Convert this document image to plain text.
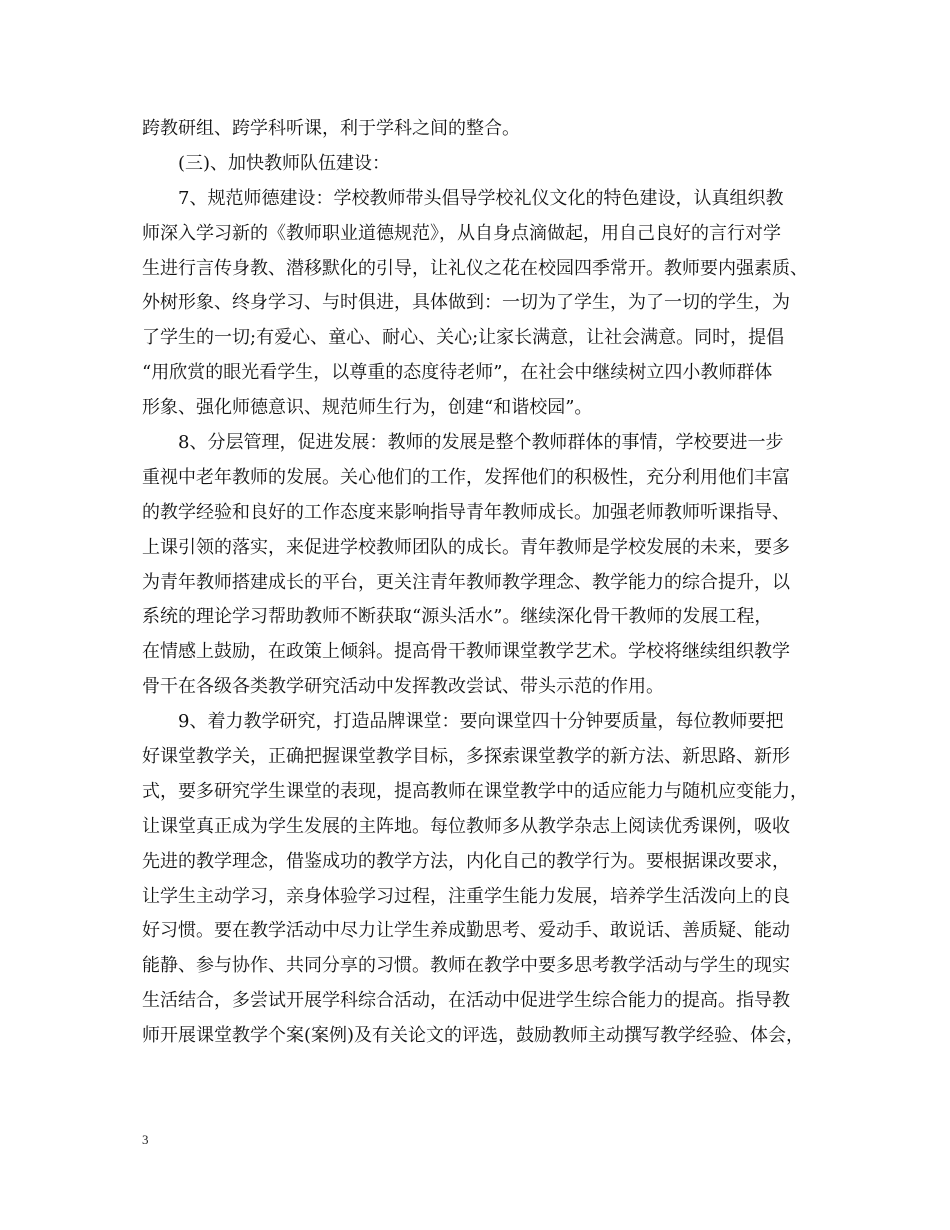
跨教研组、跨学科听课，利于学科之间的整合。
(三)、加快教师队伍建设：
7、规范师德建设：学校教师带头倡导学校礼仪文化的特色建设，认真组织教
师深入学习新的《教师职业道德规范》，从自身点滴做起，用自己良好的言行对学
生进行言传身教、潜移默化的引导，让礼仪之花在校园四季常开。教师要内强素质、
外树形象、终身学习、与时俱进，具体做到：一切为了学生，为了一切的学生，为
了学生的一切;有爱心、童心、耐心、关心;让家长满意，让社会满意。同时，提倡
“用欣赏的眼光看学生，以尊重的态度待老师”，在社会中继续树立四小教师群体
形象、强化师德意识、规范师生行为，创建“和谐校园”。
8、分层管理，促进发展：教师的发展是整个教师群体的事情，学校要进一步
重视中老年教师的发展。关心他们的工作，发挥他们的积极性，充分利用他们丰富
的教学经验和良好的工作态度来影响指导青年教师成长。加强老师教师听课指导、
上课引领的落实，来促进学校教师团队的成长。青年教师是学校发展的未来，要多
为青年教师搭建成长的平台，更关注青年教师教学理念、教学能力的综合提升，以
系统的理论学习帮助教师不断获取“源头活水”。继续深化骨干教师的发展工程，
在情感上鼓励，在政策上倾斜。提高骨干教师课堂教学艺术。学校将继续组织教学
骨干在各级各类教学研究活动中发挥教改尝试、带头示范的作用。
9、着力教学研究，打造品牌课堂：要向课堂四十分钟要质量，每位教师要把
好课堂教学关，正确把握课堂教学目标，多探索课堂教学的新方法、新思路、新形
式，要多研究学生课堂的表现，提高教师在课堂教学中的适应能力与随机应变能力，
让课堂真正成为学生发展的主阵地。每位教师多从教学杂志上阅读优秀课例，吸收
先进的教学理念，借鉴成功的教学方法，内化自己的教学行为。要根据课改要求，
让学生主动学习，亲身体验学习过程，注重学生能力发展，培养学生活泼向上的良
好习惯。要在教学活动中尽力让学生养成勤思考、爱动手、敢说话、善质疑、能动
能静、参与协作、共同分享的习惯。教师在教学中要多思考教学活动与学生的现实
生活结合，多尝试开展学科综合活动，在活动中促进学生综合能力的提高。指导教
师开展课堂教学个案(案例)及有关论文的评选，鼓励教师主动撰写教学经验、体会，
3
